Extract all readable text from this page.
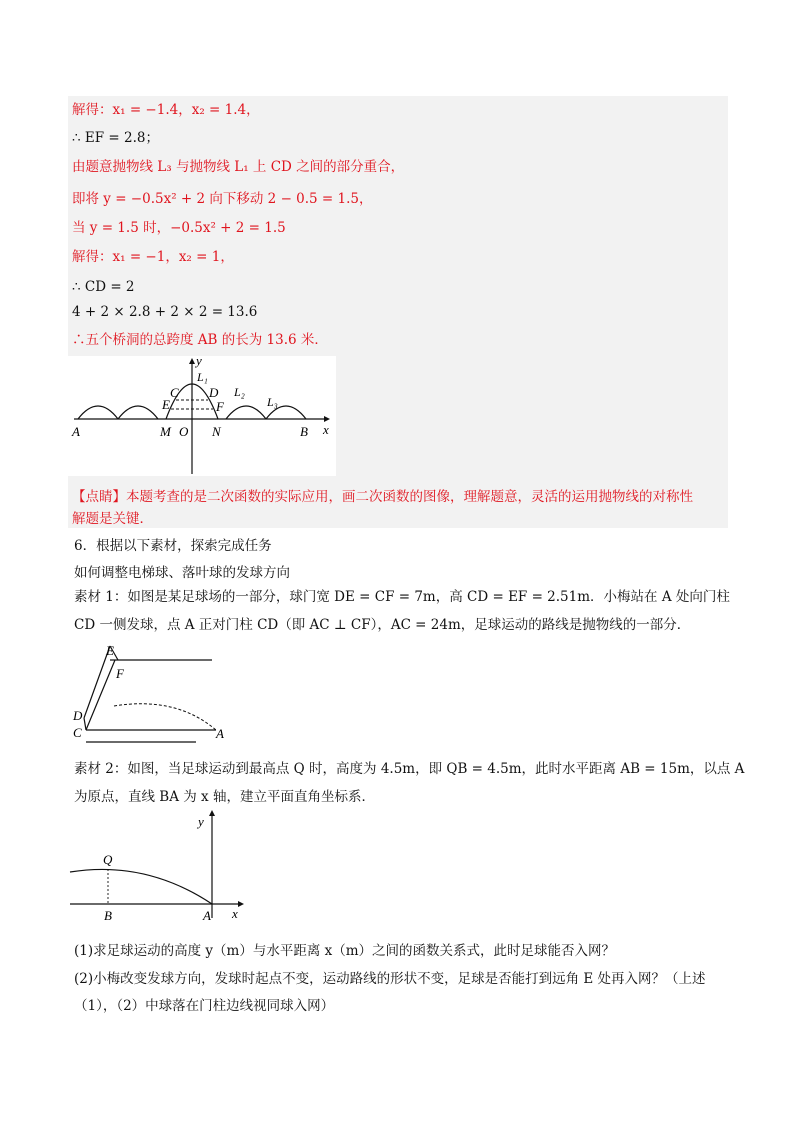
解得：x₁ = −1.4，x₂ = 1.4，
∴ EF = 2.8；
由题意抛物线 L₃ 与抛物线 L₁ 上 CD 之间的部分重合，
即将 y = −0.5x² + 2 向下移动 2 − 0.5 = 1.5，
当 y = 1.5 时，−0.5x² + 2 = 1.5
解得：x₁ = −1，x₂ = 1，
∴ CD = 2
4 + 2 × 2.8 + 2 × 2 = 13.6
∴五个桥洞的总跨度 AB 的长为 13.6 米．
y
L₁
L₂
L₃
C D
E	F
A	M O N	B x
【点睛】本题考查的是二次函数的实际应用，画二次函数的图像，理解题意，灵活的运用抛物线的对称性
解题是关键．
6．根据以下素材，探索完成任务
如何调整电梯球、落叶球的发球方向
素材 1：如图是某足球场的一部分，球门宽 DE = CF = 7m，高 CD = EF = 2.51m．小梅站在 A 处向门柱
CD 一侧发球，点 A 正对门柱 CD（即 AC ⊥ CF），AC = 24m，足球运动的路线是抛物线的一部分．
E
F
D
C	A
素材 2：如图，当足球运动到最高点 Q 时，高度为 4.5m，即 QB = 4.5m，此时水平距离 AB = 15m，以点 A
为原点，直线 BA 为 x 轴，建立平面直角坐标系．
y
Q
B	A x
(1)求足球运动的高度 y（m）与水平距离 x（m）之间的函数关系式，此时足球能否入网？
(2)小梅改变发球方向，发球时起点不变，运动路线的形状不变，足球是否能打到远角 E 处再入网？（上述
（1），（2）中球落在门柱边线视同球入网）
